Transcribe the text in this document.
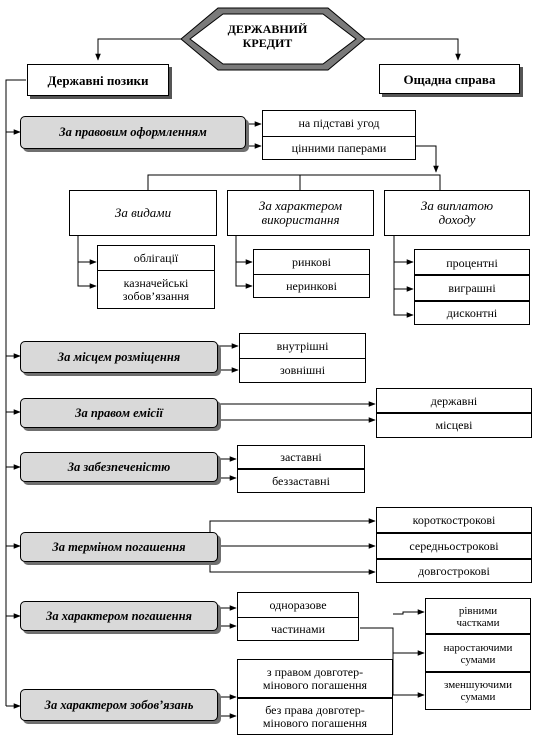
ДЕРЖАВНИЙ
КРЕДИТ
Державні позики	Ощадна справа
За правовим оформленням
За місцем розміщення
За правом емісії
За забезпеченістю
За терміном погашення
За характером погашення
За характером зобов’язань
на підставі угод
цінними паперами
За видами	За характером
використання
За виплатою
доходу
облігації
казначейські
зобов’язання
ринкові
неринкові
процентні
виграшні
дисконтні
внутрішні
зовнішні
державні
місцеві
заставні
беззаставні
короткострокові
середньострокові
довгострокові
одноразове
частинами
рівними
частками
наростаючими
сумами
зменшуючими
сумами
з правом довготер-
мінового погашення
без права довготер-
мінового погашення
